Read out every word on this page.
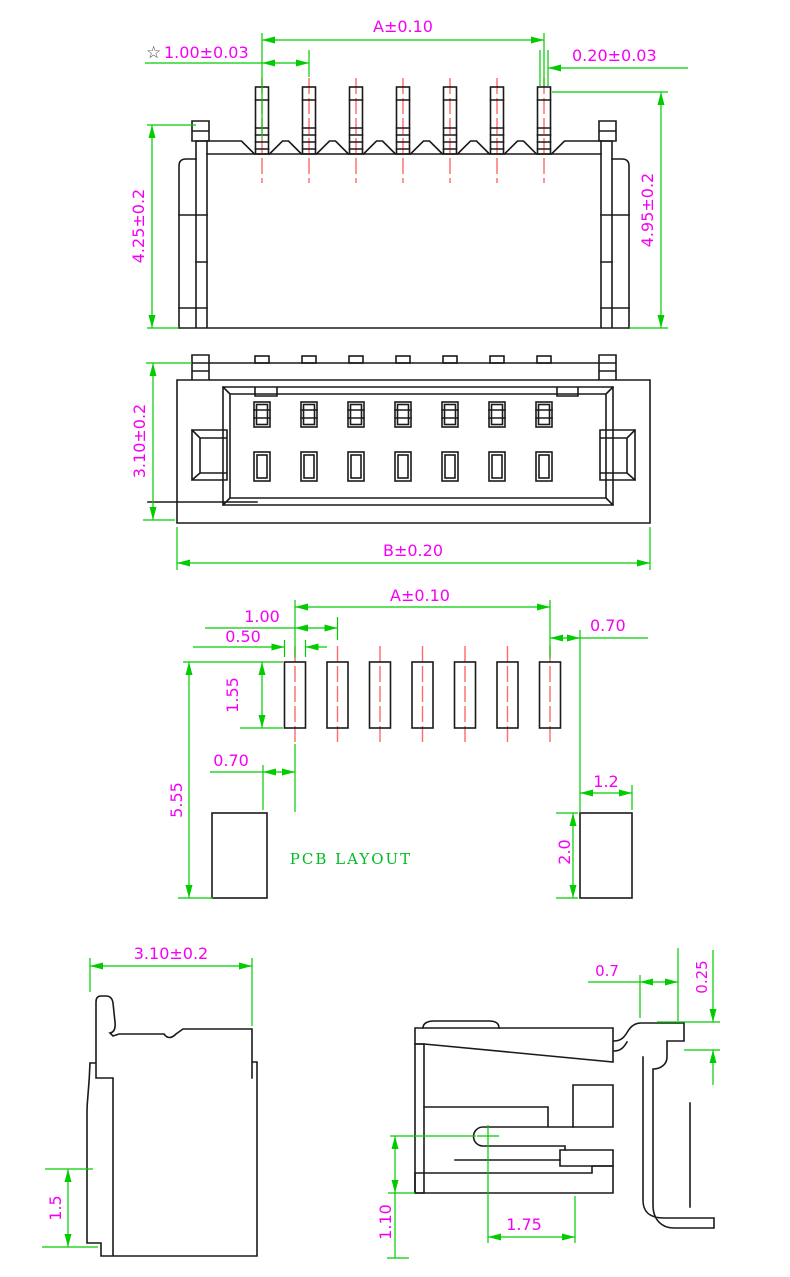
A±0.10
☆ 1.00±0.03	0.20±0.03
4.25±0.2	4.95±0.2
3.10±0.2
B±0.20
A±0.10
1.00
0.50
0.70
1.55
5.55
0.70
1.2
2.0
PCB LAYOUT
3.10±0.2
1.5
0.7	0.25
1.75
1.10
